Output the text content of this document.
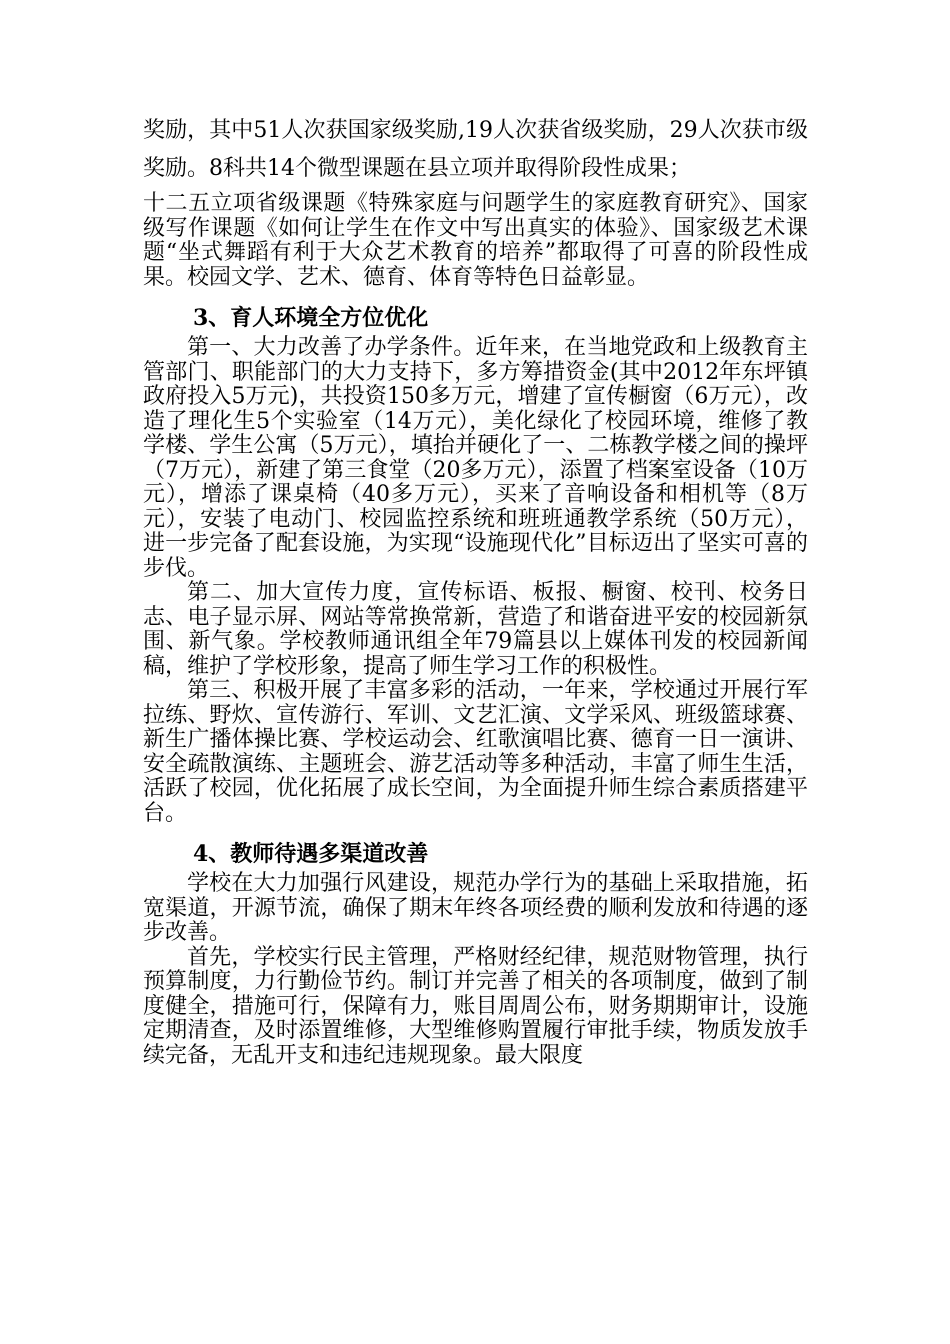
奖励，其中51人次获国家级奖励,19人次获省级奖励，29人次获市级奖励。8科共14个微型课题在县立项并取得阶段性成果；

十二五立项省级课题《特殊家庭与问题学生的家庭教育研究》、国家级写作课题《如何让学生在作文中写出真实的体验》、国家级艺术课题“坐式舞蹈有利于大众艺术教育的培养”都取得了可喜的阶段性成果。校园文学、艺术、德育、体育等特色日益彰显。

3、育人环境全方位优化

第一、大力改善了办学条件。近年来，在当地党政和上级教育主管部门、职能部门的大力支持下，多方筹措资金(其中2012年东坪镇政府投入5万元)，共投资150多万元，增建了宣传橱窗（6万元），改造了理化生5个实验室（14万元），美化绿化了校园环境，维修了教学楼、学生公寓（5万元），填抬并硬化了一、二栋教学楼之间的操坪（7万元），新建了第三食堂（20多万元），添置了档案室设备（10万元），增添了课桌椅（40多万元），买来了音响设备和相机等（8万元），安装了电动门、校园监控系统和班班通教学系统（50万元），进一步完备了配套设施，为实现“设施现代化”目标迈出了坚实可喜的步伐。

第二、加大宣传力度，宣传标语、板报、橱窗、校刊、校务日志、电子显示屏、网站等常换常新，营造了和谐奋进平安的校园新氛围、新气象。学校教师通讯组全年79篇县以上媒体刊发的校园新闻稿，维护了学校形象，提高了师生学习工作的积极性。

第三、积极开展了丰富多彩的活动，一年来，学校通过开展行军拉练、野炊、宣传游行、军训、文艺汇演、文学采风、班级篮球赛、新生广播体操比赛、学校运动会、红歌演唱比赛、德育一日一演讲、安全疏散演练、主题班会、游艺活动等多种活动，丰富了师生生活，活跃了校园，优化拓展了成长空间，为全面提升师生综合素质搭建平台。

4、教师待遇多渠道改善

学校在大力加强行风建设，规范办学行为的基础上采取措施，拓宽渠道，开源节流，确保了期末年终各项经费的顺利发放和待遇的逐步改善。

首先，学校实行民主管理，严格财经纪律，规范财物管理，执行预算制度，力行勤俭节约。制订并完善了相关的各项制度，做到了制度健全，措施可行，保障有力，账目周周公布，财务期期审计，设施定期清查，及时添置维修，大型维修购置履行审批手续，物质发放手续完备，无乱开支和违纪违规现象。最大限度
